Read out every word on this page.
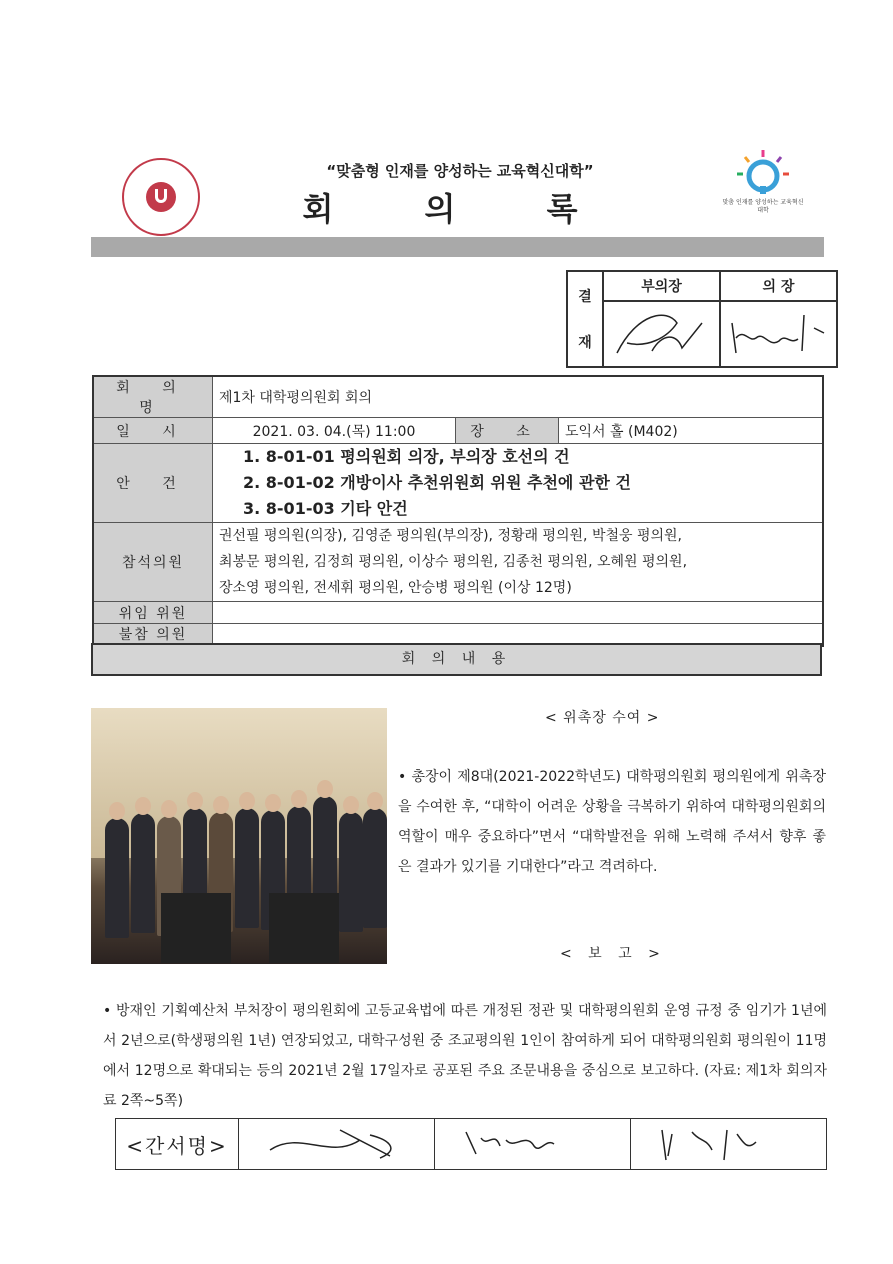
“맞춤형 인재를 양성하는 교육혁신대학”
회 의 록	맞춤 인재를 양성하는 교육혁신대학
결
재	부의장	의 장

회 의 명	제1차 대학평의원회 회의		
일 시	2021. 03. 04.(목) 11:00	장 소	도익서 홀 (M402)
안 건	1. 8-01-01 평의원회 의장, 부의장 호선의 건
2. 8-01-02 개방이사 추천위원회 위원 추천에 관한 건
3. 8-01-03 기타 안건		

참석의원	권선필 평의원(의장), 김영준 평의원(부의장), 정황래 평의원, 박철웅 평의원,
최봉문 평의원, 김정희 평의원, 이상수 평의원, 김종천 평의원, 오혜원 평의원,
장소영 평의원, 전세휘 평의원, 안승병 평의원 (이상 12명)		

위임 위원			
불참 의원			
회 의 내 용
< 위촉장 수여 >
• 총장이 제8대(2021-2022학년도) 대학평의원회 평의원에게 위촉장을 수여한 후, “대학이 어려운 상황을 극복하기 위하여 대학평의원회의 역할이 매우 중요하다”면서 “대학발전을 위해 노력해 주셔서 향후 좋은 결과가 있기를 기대한다”라고 격려하다.
< 보 고 >
• 방재인 기획예산처 부처장이 평의원회에 고등교육법에 따른 개정된 정관 및 대학평의원회 운영 규정 중 임기가 1년에서 2년으로(학생평의원 1년) 연장되었고, 대학구성원 중 조교평의원 1인이 참여하게 되어 대학평의원회 평의원이 11명에서 12명으로 확대되는 등의 2021년 2월 17일자로 공포된 주요 조문내용을 중심으로 보고하다. (자료: 제1차 회의자료 2쪽~5쪽)
<간서명>			
